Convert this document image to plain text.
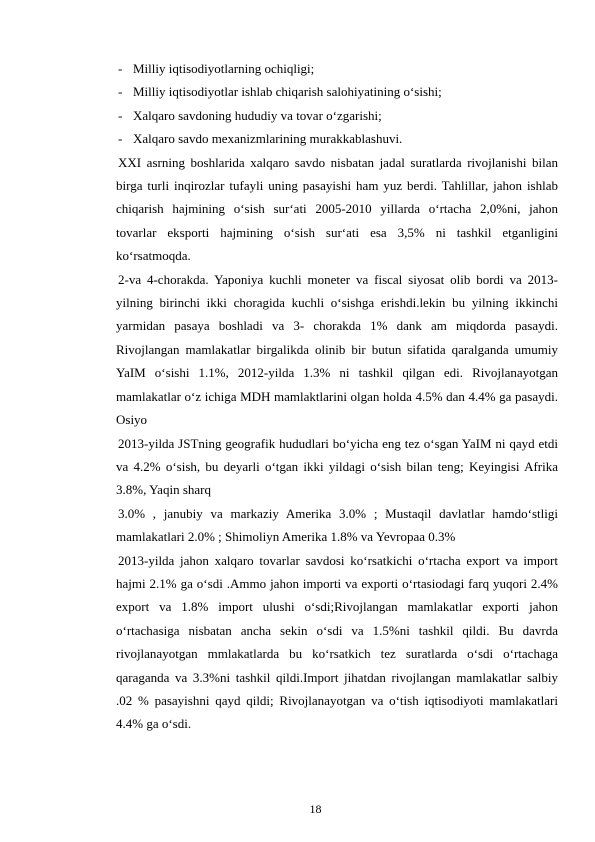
- Milliy iqtisodiyotlarning ochiqligi;
- Milliy iqtisodiyotlar ishlab chiqarish salohiyatining o‘sishi;
- Xalqaro savdoning hududiy va tovar o‘zgarishi;
- Xalqaro savdo mexanizmlarining murakkablashuvi.

XXI asrning boshlarida xalqaro savdo nisbatan jadal suratlarda rivojlanishi bilan birga turli inqirozlar tufayli uning pasayishi ham yuz berdi. Tahlillar, jahon ishlab chiqarish hajmining o‘sish sur‘ati 2005-2010 yillarda o‘rtacha 2,0%ni, jahon tovarlar eksporti hajmining o‘sish sur‘ati esa 3,5% ni tashkil etganligini ko‘rsatmoqda.

2-va 4-chorakda. Yaponiya kuchli moneter va fiscal siyosat olib bordi va 2013-yilning birinchi ikki choragida kuchli o‘sishga erishdi.lekin bu yilning ikkinchi yarmidan pasaya boshladi va 3- chorakda 1% dank am miqdorda pasaydi. Rivojlangan mamlakatlar birgalikda olinib bir butun sifatida qaralganda umumiy YaIM o‘sishi 1.1%, 2012-yilda 1.3% ni tashkil qilgan edi. Rivojlanayotgan mamlakatlar o‘z ichiga MDH mamlaktlarini olgan holda 4.5% dan 4.4% ga pasaydi. Osiyo

2013-yilda JSTning geografik hududlari bo‘yicha eng tez o‘sgan YaIM ni qayd etdi va 4.2% o‘sish, bu deyarli o‘tgan ikki yildagi o‘sish bilan teng; Keyingisi Afrika 3.8%, Yaqin sharq

3.0% , janubiy va markaziy Amerika 3.0% ; Mustaqil davlatlar hamdo‘stligi mamlakatlari 2.0% ; Shimoliyn Amerika 1.8% va Yevropaa 0.3%

2013-yilda jahon xalqaro tovarlar savdosi ko‘rsatkichi o‘rtacha export va import hajmi 2.1% ga o‘sdi .Ammo jahon importi va exporti o‘rtasiodagi farq yuqori 2.4% export va 1.8% import ulushi o‘sdi;Rivojlangan mamlakatlar exporti jahon o‘rtachasiga nisbatan ancha sekin o‘sdi va 1.5%ni tashkil qildi. Bu davrda rivojlanayotgan mmlakatlarda bu ko‘rsatkich tez suratlarda o‘sdi o‘rtachaga qaraganda va 3.3%ni tashkil qildi.Import jihatdan rivojlangan mamlakatlar salbiy .02 % pasayishni qayd qildi; Rivojlanayotgan va o‘tish iqtisodiyoti mamlakatlari 4.4% ga o‘sdi.

18
